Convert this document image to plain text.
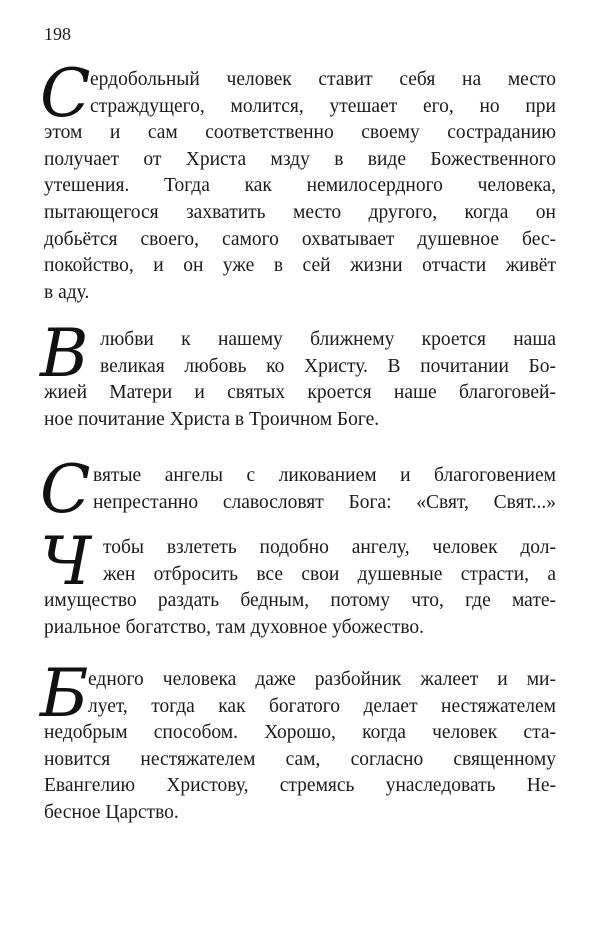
198
С ердобольный человек ставит себя на место
страждущего, молится, утешает его, но при
этом и сам соответственно своему состраданию
получает от Христа мзду в виде Божественного
утешения. Тогда как немилосердного человека,
пытающегося захватить место другого, когда он
добьётся своего, самого охватывает душевное бес-
покойство, и он уже в сей жизни отчасти живёт
в аду.
В любви к нашему ближнему кроется наша
великая любовь ко Христу. В почитании Бо-
жией Матери и святых кроется наше благоговей-
ное почитание Христа в Троичном Боге.
С вятые ангелы с ликованием и благоговением
непрестанно славословят Бога: «Свят, Свят...»
Ч тобы взлететь подобно ангелу, человек дол-
жен отбросить все свои душевные страсти, а
имущество раздать бедным, потому что, где мате-
риальное богатство, там духовное убожество.
Б едного человека даже разбойник жалеет и ми-
лует, тогда как богатого делает нестяжателем
недобрым способом. Хорошо, когда человек ста-
новится нестяжателем сам, согласно священному
Евангелию Христову, стремясь унаследовать Не-
бесное Царство.
